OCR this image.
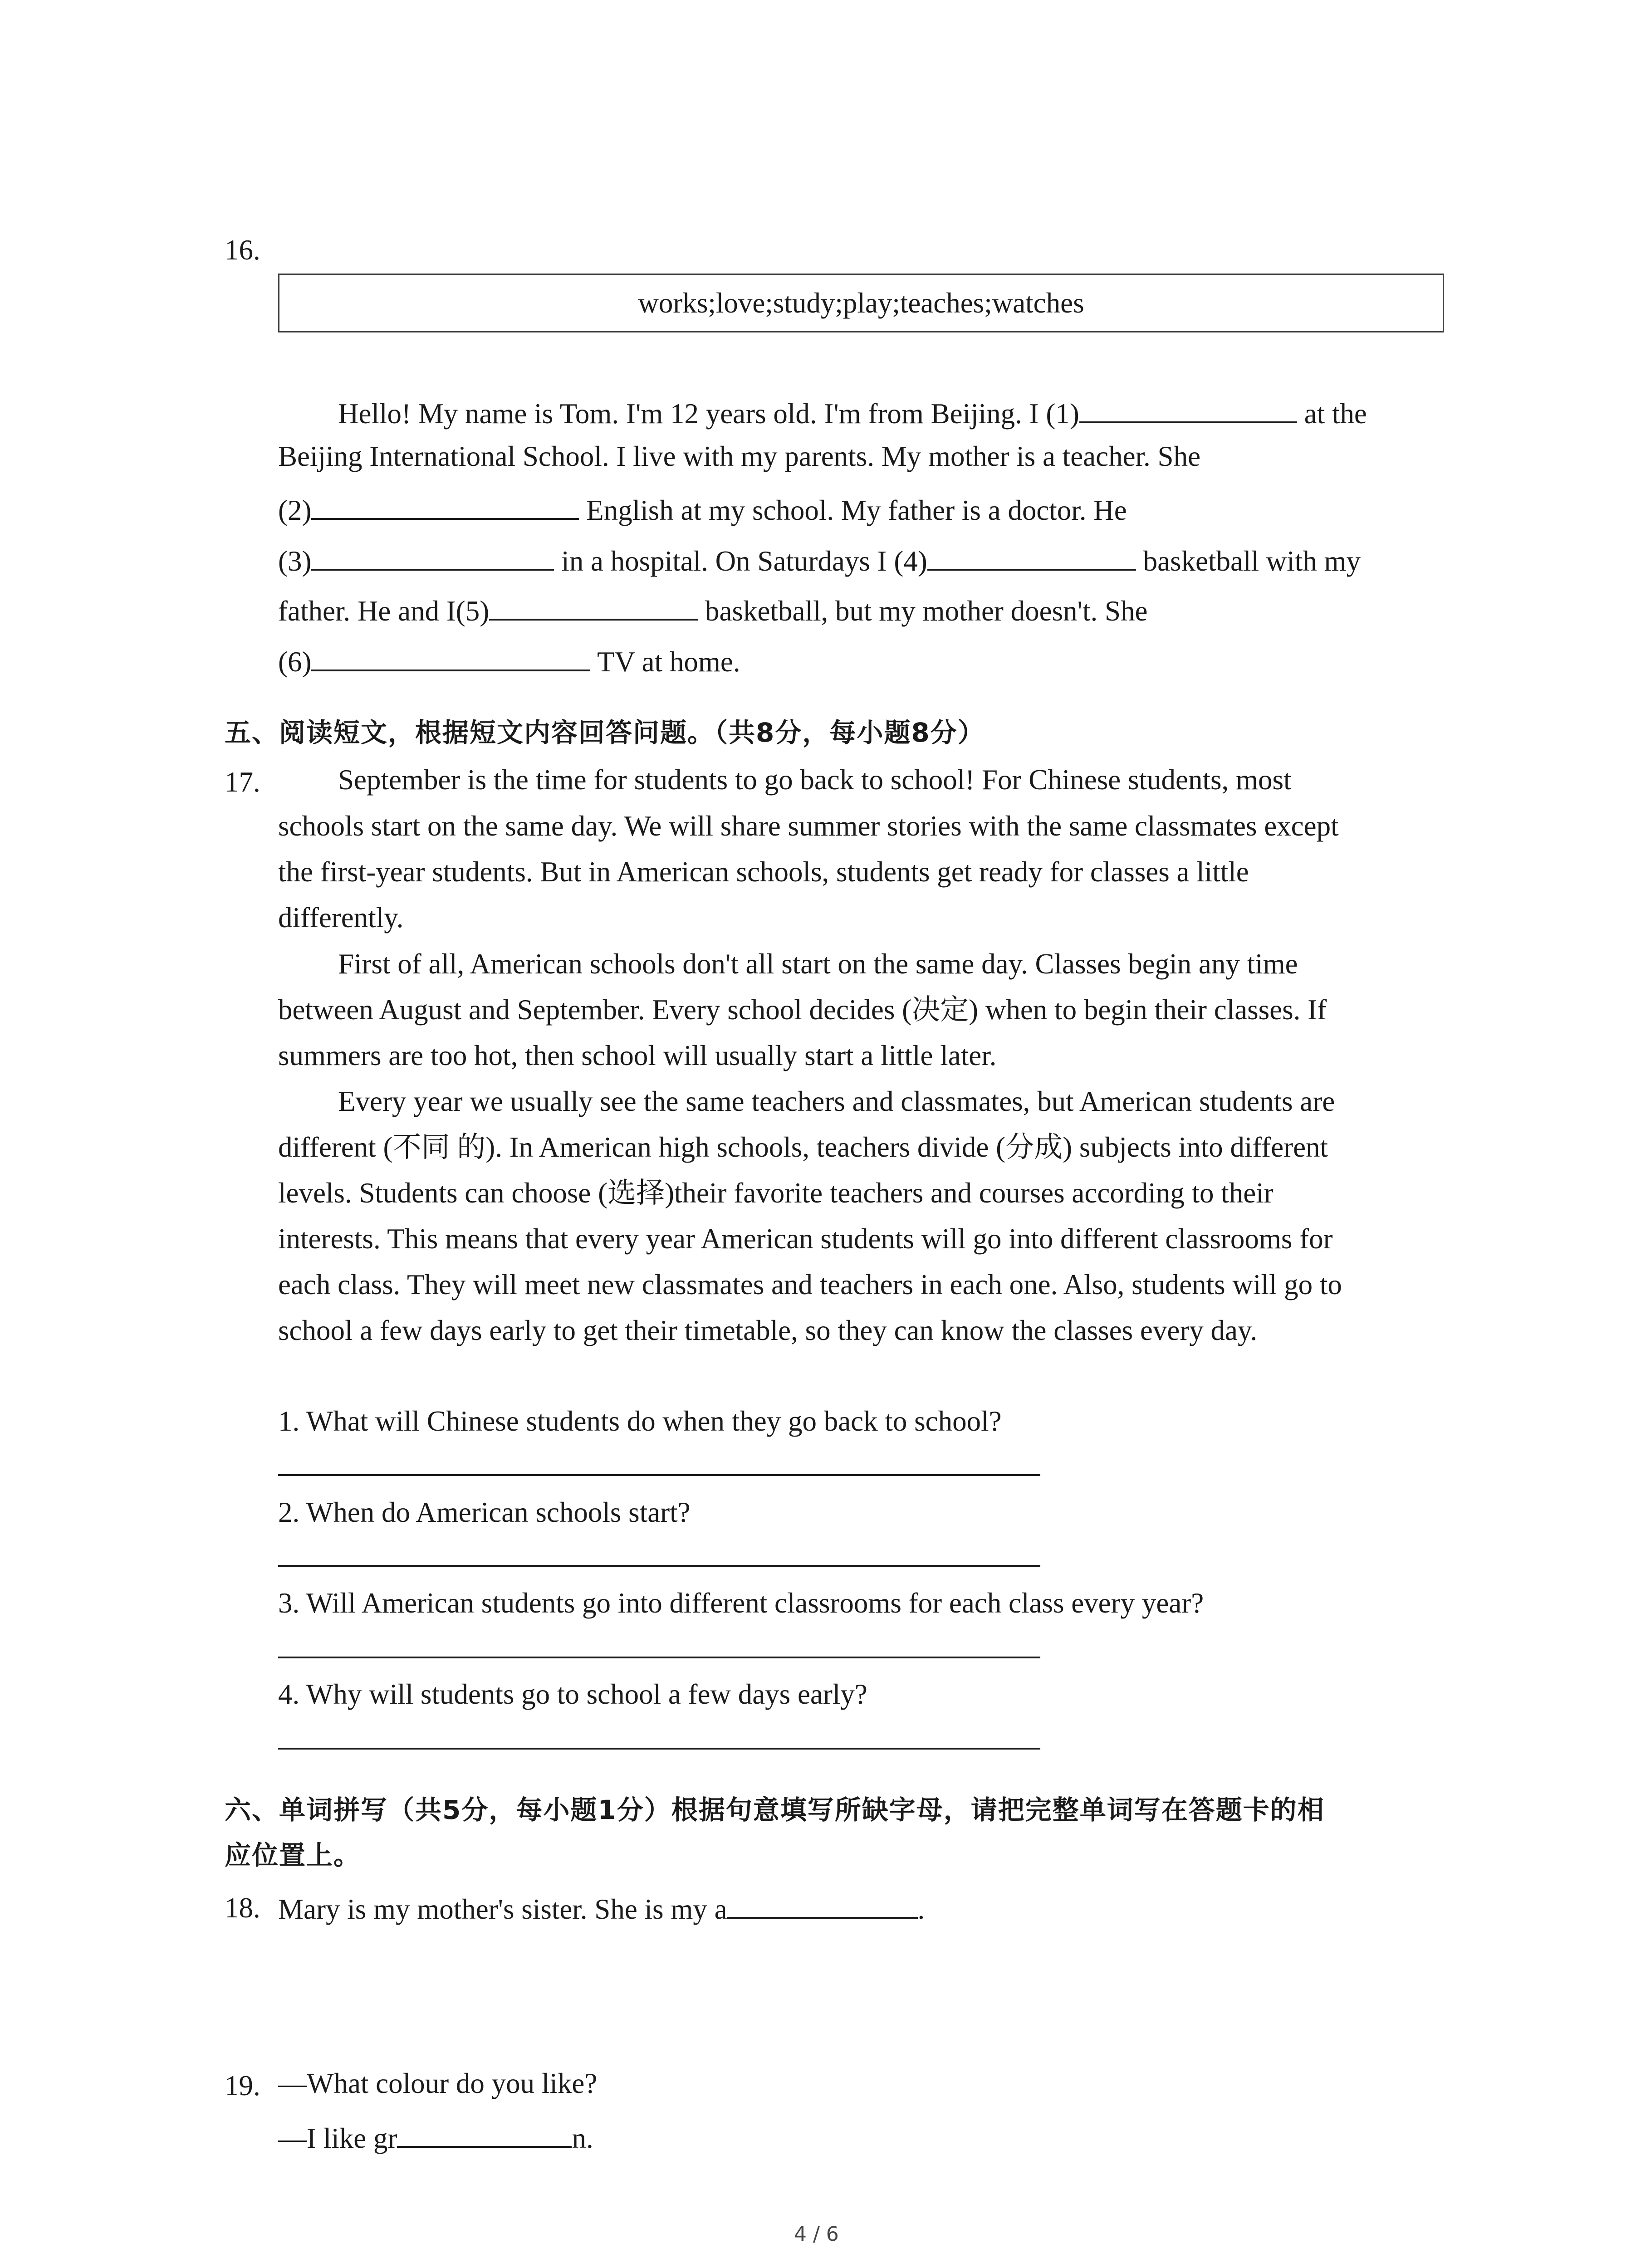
16.
works;love;study;play;teaches;watches
Hello! My name is Tom. I'm 12 years old. I'm from Beijing. I (1)	at the
Beijing International School. I live with my parents. My mother is a teacher. She
(2)	English at my school. My father is a doctor. He
(3)	in a hospital. On Saturdays I (4)	basketball with my
father. He and I(5)	basketball, but my mother doesn't. She
(6)	TV at home.
五、阅读短文，根据短文内容回答问题。（共8分，每小题8分）
17.	September is the time for students to go back to school! For Chinese students, most
schools start on the same day. We will share summer stories with the same classmates except
the first-year students. But in American schools, students get ready for classes a little
differently.
First of all, American schools don't all start on the same day. Classes begin any time
between August and September. Every school decides (决定) when to begin their classes. If
summers are too hot, then school will usually start a little later.
Every year we usually see the same teachers and classmates, but American students are
different (不同 的). In American high schools, teachers divide (分成) subjects into different
levels. Students can choose (选择)their favorite teachers and courses according to their
interests. This means that every year American students will go into different classrooms for
each class. They will meet new classmates and teachers in each one. Also, students will go to
school a few days early to get their timetable, so they can know the classes every day.
1. What will Chinese students do when they go back to school?
2. When do American schools start?
3. Will American students go into different classrooms for each class every year?
4. Why will students go to school a few days early?
六、单词拼写（共5分，每小题1分）根据句意填写所缺字母，请把完整单词写在答题卡的相
应位置上。
18. Mary is my mother's sister. She is my a	.
19. —What colour do you like?
—I like gr	n.
4 / 6
